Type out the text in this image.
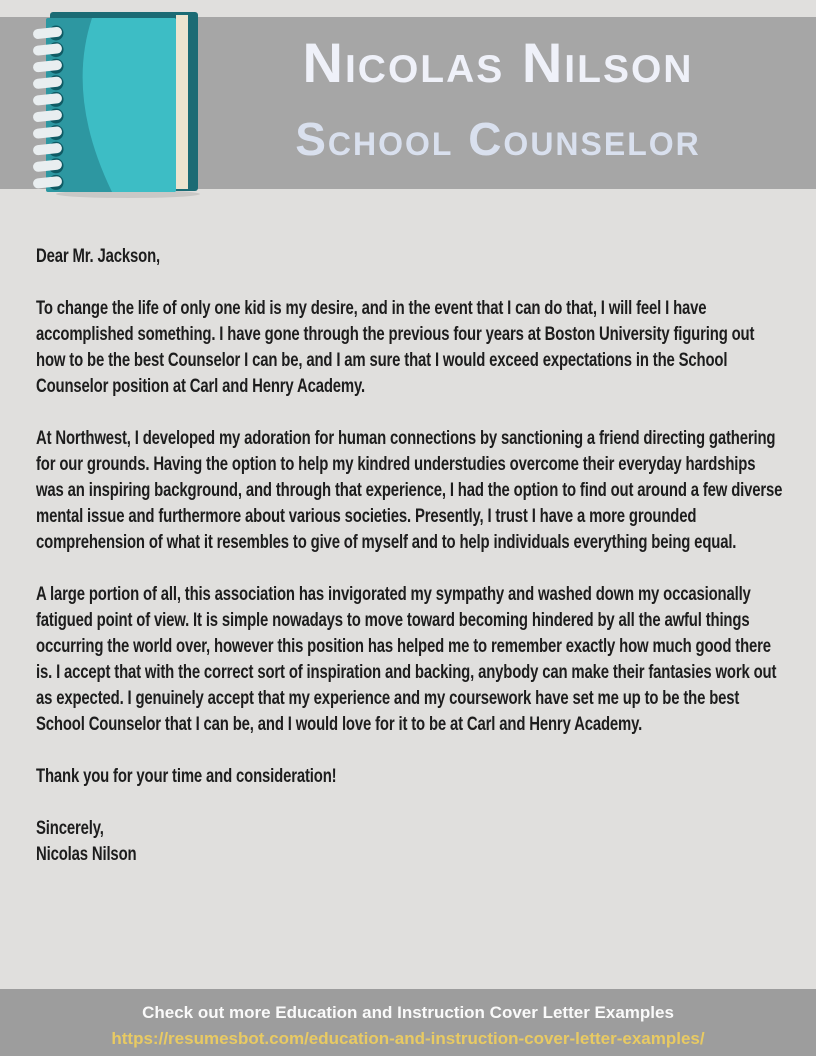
Nicolas Nilson
School Counselor

Dear Mr. Jackson,

To change the life of only one kid is my desire, and in the event that I can do that, I will feel I have accomplished something. I have gone through the previous four years at Boston University figuring out how to be the best Counselor I can be, and I am sure that I would exceed expectations in the School Counselor position at Carl and Henry Academy.

At Northwest, I developed my adoration for human connections by sanctioning a friend directing gathering for our grounds. Having the option to help my kindred understudies overcome their everyday hardships was an inspiring background, and through that experience, I had the option to find out around a few diverse mental issue and furthermore about various societies. Presently, I trust I have a more grounded comprehension of what it resembles to give of myself and to help individuals everything being equal.

A large portion of all, this association has invigorated my sympathy and washed down my occasionally fatigued point of view. It is simple nowadays to move toward becoming hindered by all the awful things occurring the world over, however this position has helped me to remember exactly how much good there is. I accept that with the correct sort of inspiration and backing, anybody can make their fantasies work out as expected. I genuinely accept that my experience and my coursework have set me up to be the best School Counselor that I can be, and I would love for it to be at Carl and Henry Academy.

Thank you for your time and consideration!

Sincerely,

Nicolas Nilson

Check out more Education and Instruction Cover Letter Examples

https://resumesbot.com/education-and-instruction-cover-letter-examples/
